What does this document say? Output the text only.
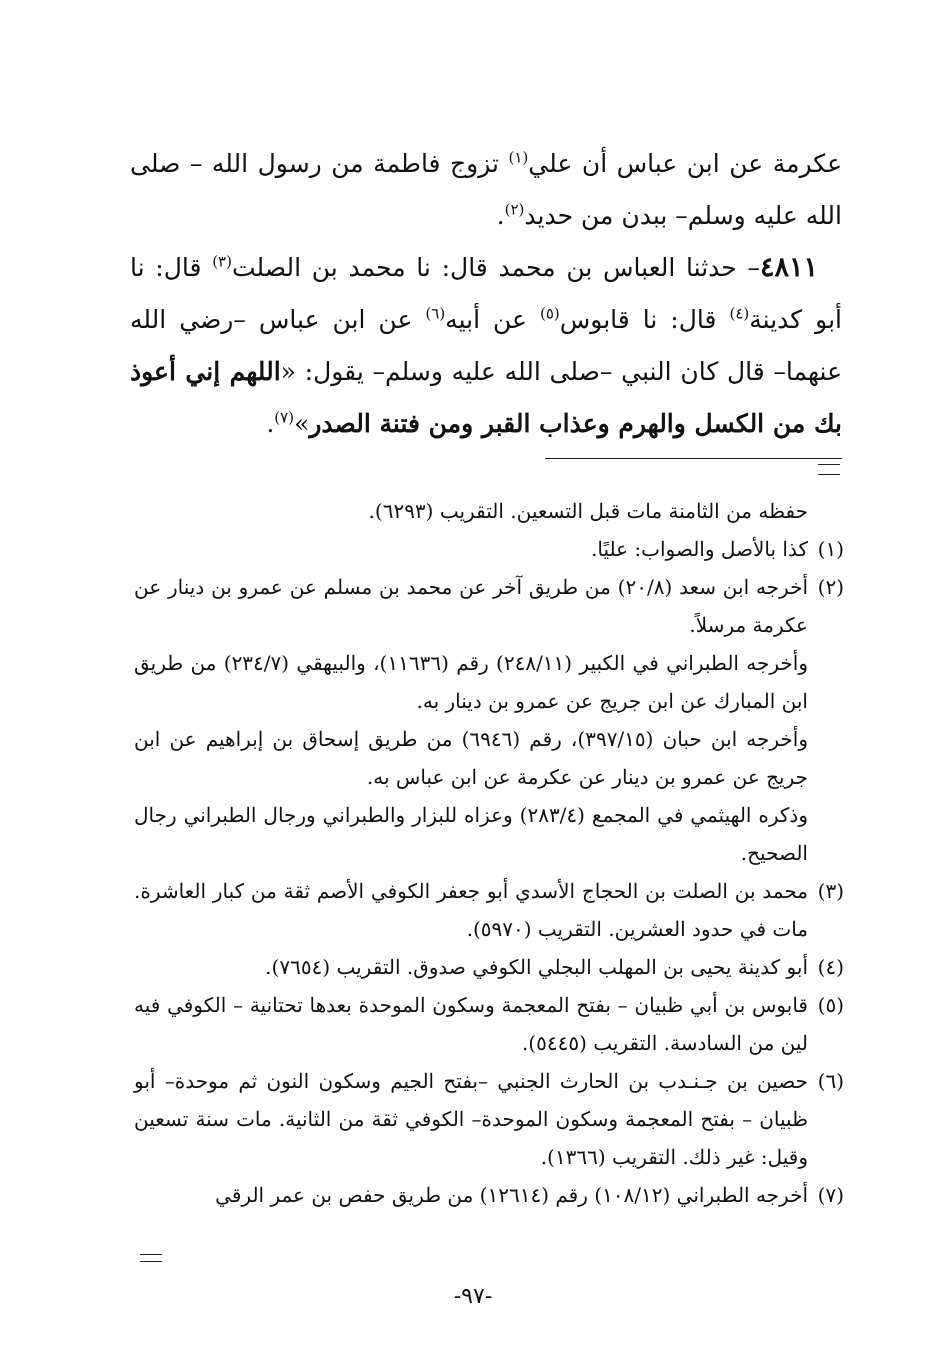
عكرمة عن ابن عباس أن علي$^{(١)}$ تزوج فاطمة من رسول الله – صلى الله عليه وسلم– ببدن من حديد$^{(٢)}$.

٤٨١١– حدثنا العباس بن محمد قال: نا محمد بن الصلت$^{(٣)}$ قال: نا أبو كدينة$^{(٤)}$ قال: نا قابوس$^{(٥)}$ عن أبيه$^{(٦)}$ عن ابن عباس –رضي الله عنهما– قال كان النبي –صلى الله عليه وسلم– يقول: «اللهم إني أعوذ بك من الكسل والهرم وعذاب القبر ومن فتنة الصدر»$^{(٧)}$.

حفظه من الثامنة مات قبل التسعين. التقريب (٦٢٩٣).

(١)كذا بالأصل والصواب: عليًا.

(٢)أخرجه ابن سعد (٢٠/٨) من طريق آخر عن محمد بن مسلم عن عمرو بن دينار عن عكرمة مرسلاً.

وأخرجه الطبراني في الكبير (٢٤٨/١١) رقم (١١٦٣٦)، والبيهقي (٢٣٤/٧) من طريق ابن المبارك عن ابن جريج عن عمرو بن دينار به.

وأخرجه ابن حبان (٣٩٧/١٥)، رقم (٦٩٤٦) من طريق إسحاق بن إبراهيم عن ابن جريج عن عمرو بن دينار عن عكرمة عن ابن عباس به.

وذكره الهيثمي في المجمع (٢٨٣/٤) وعزاه للبزار والطبراني ورجال الطبراني رجال الصحيح.

(٣)محمد بن الصلت بن الحجاج الأسدي أبو جعفر الكوفي الأصم ثقة من كبار العاشرة. مات في حدود العشرين. التقريب (٥٩٧٠).

(٤)أبو كدينة يحيى بن المهلب البجلي الكوفي صدوق. التقريب (٧٦٥٤).

(٥)قابوس بن أبي ظبيان – بفتح المعجمة وسكون الموحدة بعدها تحتانية – الكوفي فيه لين من السادسة. التقريب (٥٤٤٥).

(٦)حصين بن جـنـدب بن الحارث الجنبي –بفتح الجيم وسكون النون ثم موحدة– أبو ظبيان – بفتح المعجمة وسكون الموحدة– الكوفي ثقة من الثانية. مات سنة تسعين وقيل: غير ذلك. التقريب (١٣٦٦).

(٧)أخرجه الطبراني (١٠٨/١٢) رقم (١٢٦١٤) من طريق حفص بن عمر الرقي

-٩٧-
